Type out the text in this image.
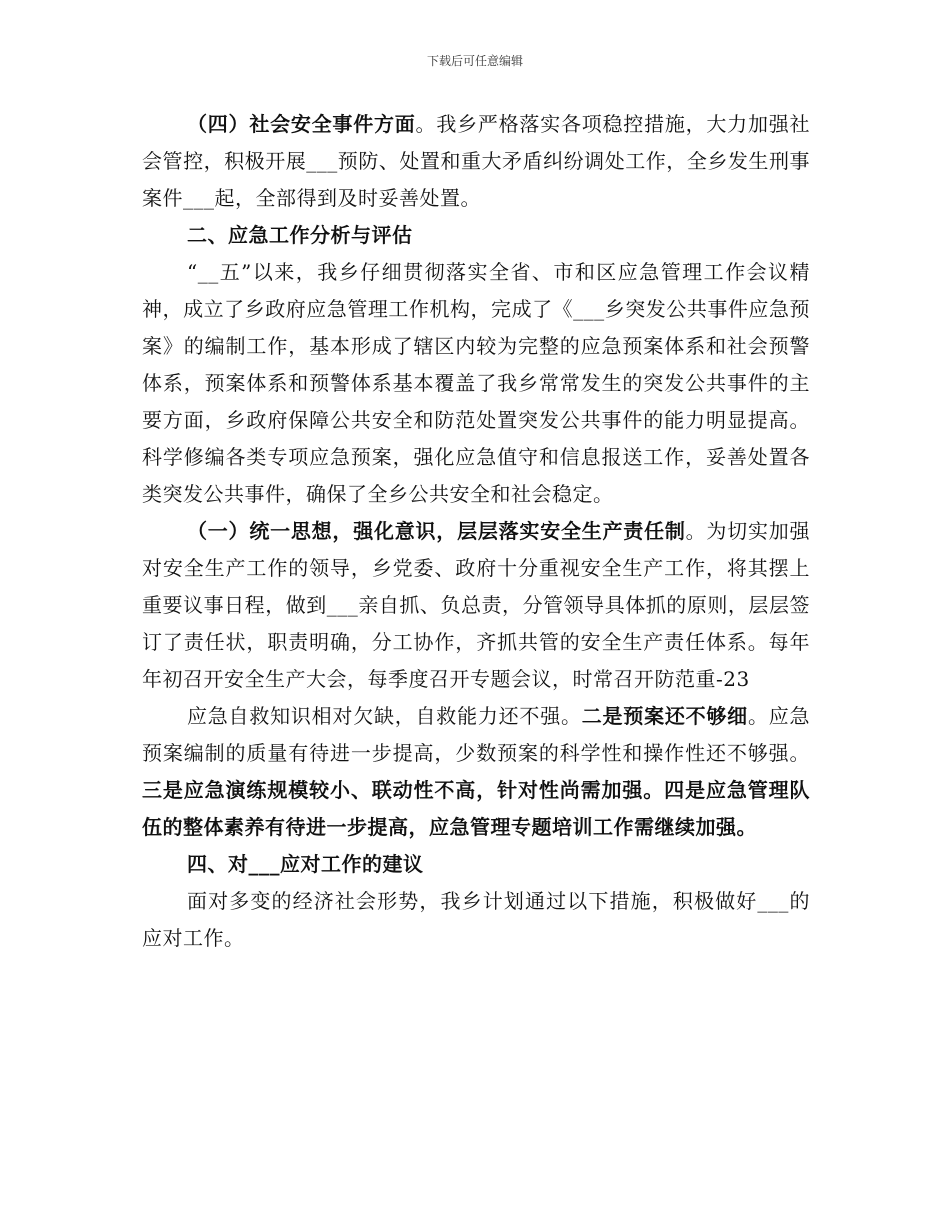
下载后可任意编辑

（四）社会安全事件方面。我乡严格落实各项稳控措施，大力加强社会管控，积极开展___预防、处置和重大矛盾纠纷调处工作，全乡发生刑事案件___起，全部得到及时妥善处置。

二、应急工作分析与评估

“__五”以来，我乡仔细贯彻落实全省、市和区应急管理工作会议精神，成立了乡政府应急管理工作机构，完成了《___乡突发公共事件应急预案》的编制工作，基本形成了辖区内较为完整的应急预案体系和社会预警体系，预案体系和预警体系基本覆盖了我乡常常发生的突发公共事件的主要方面，乡政府保障公共安全和防范处置突发公共事件的能力明显提高。科学修编各类专项应急预案，强化应急值守和信息报送工作，妥善处置各类突发公共事件，确保了全乡公共安全和社会稳定。

（一）统一思想，强化意识，层层落实安全生产责任制。为切实加强对安全生产工作的领导，乡党委、政府十分重视安全生产工作，将其摆上重要议事日程，做到___亲自抓、负总责，分管领导具体抓的原则，层层签订了责任状，职责明确，分工协作，齐抓共管的安全生产责任体系。每年年初召开安全生产大会，每季度召开专题会议，时常召开防范重-23

应急自救知识相对欠缺，自救能力还不强。二是预案还不够细。应急预案编制的质量有待进一步提高，少数预案的科学性和操作性还不够强。三是应急演练规模较小、联动性不高，针对性尚需加强。四是应急管理队伍的整体素养有待进一步提高，应急管理专题培训工作需继续加强。

四、对___应对工作的建议

面对多变的经济社会形势，我乡计划通过以下措施，积极做好___的应对工作。
